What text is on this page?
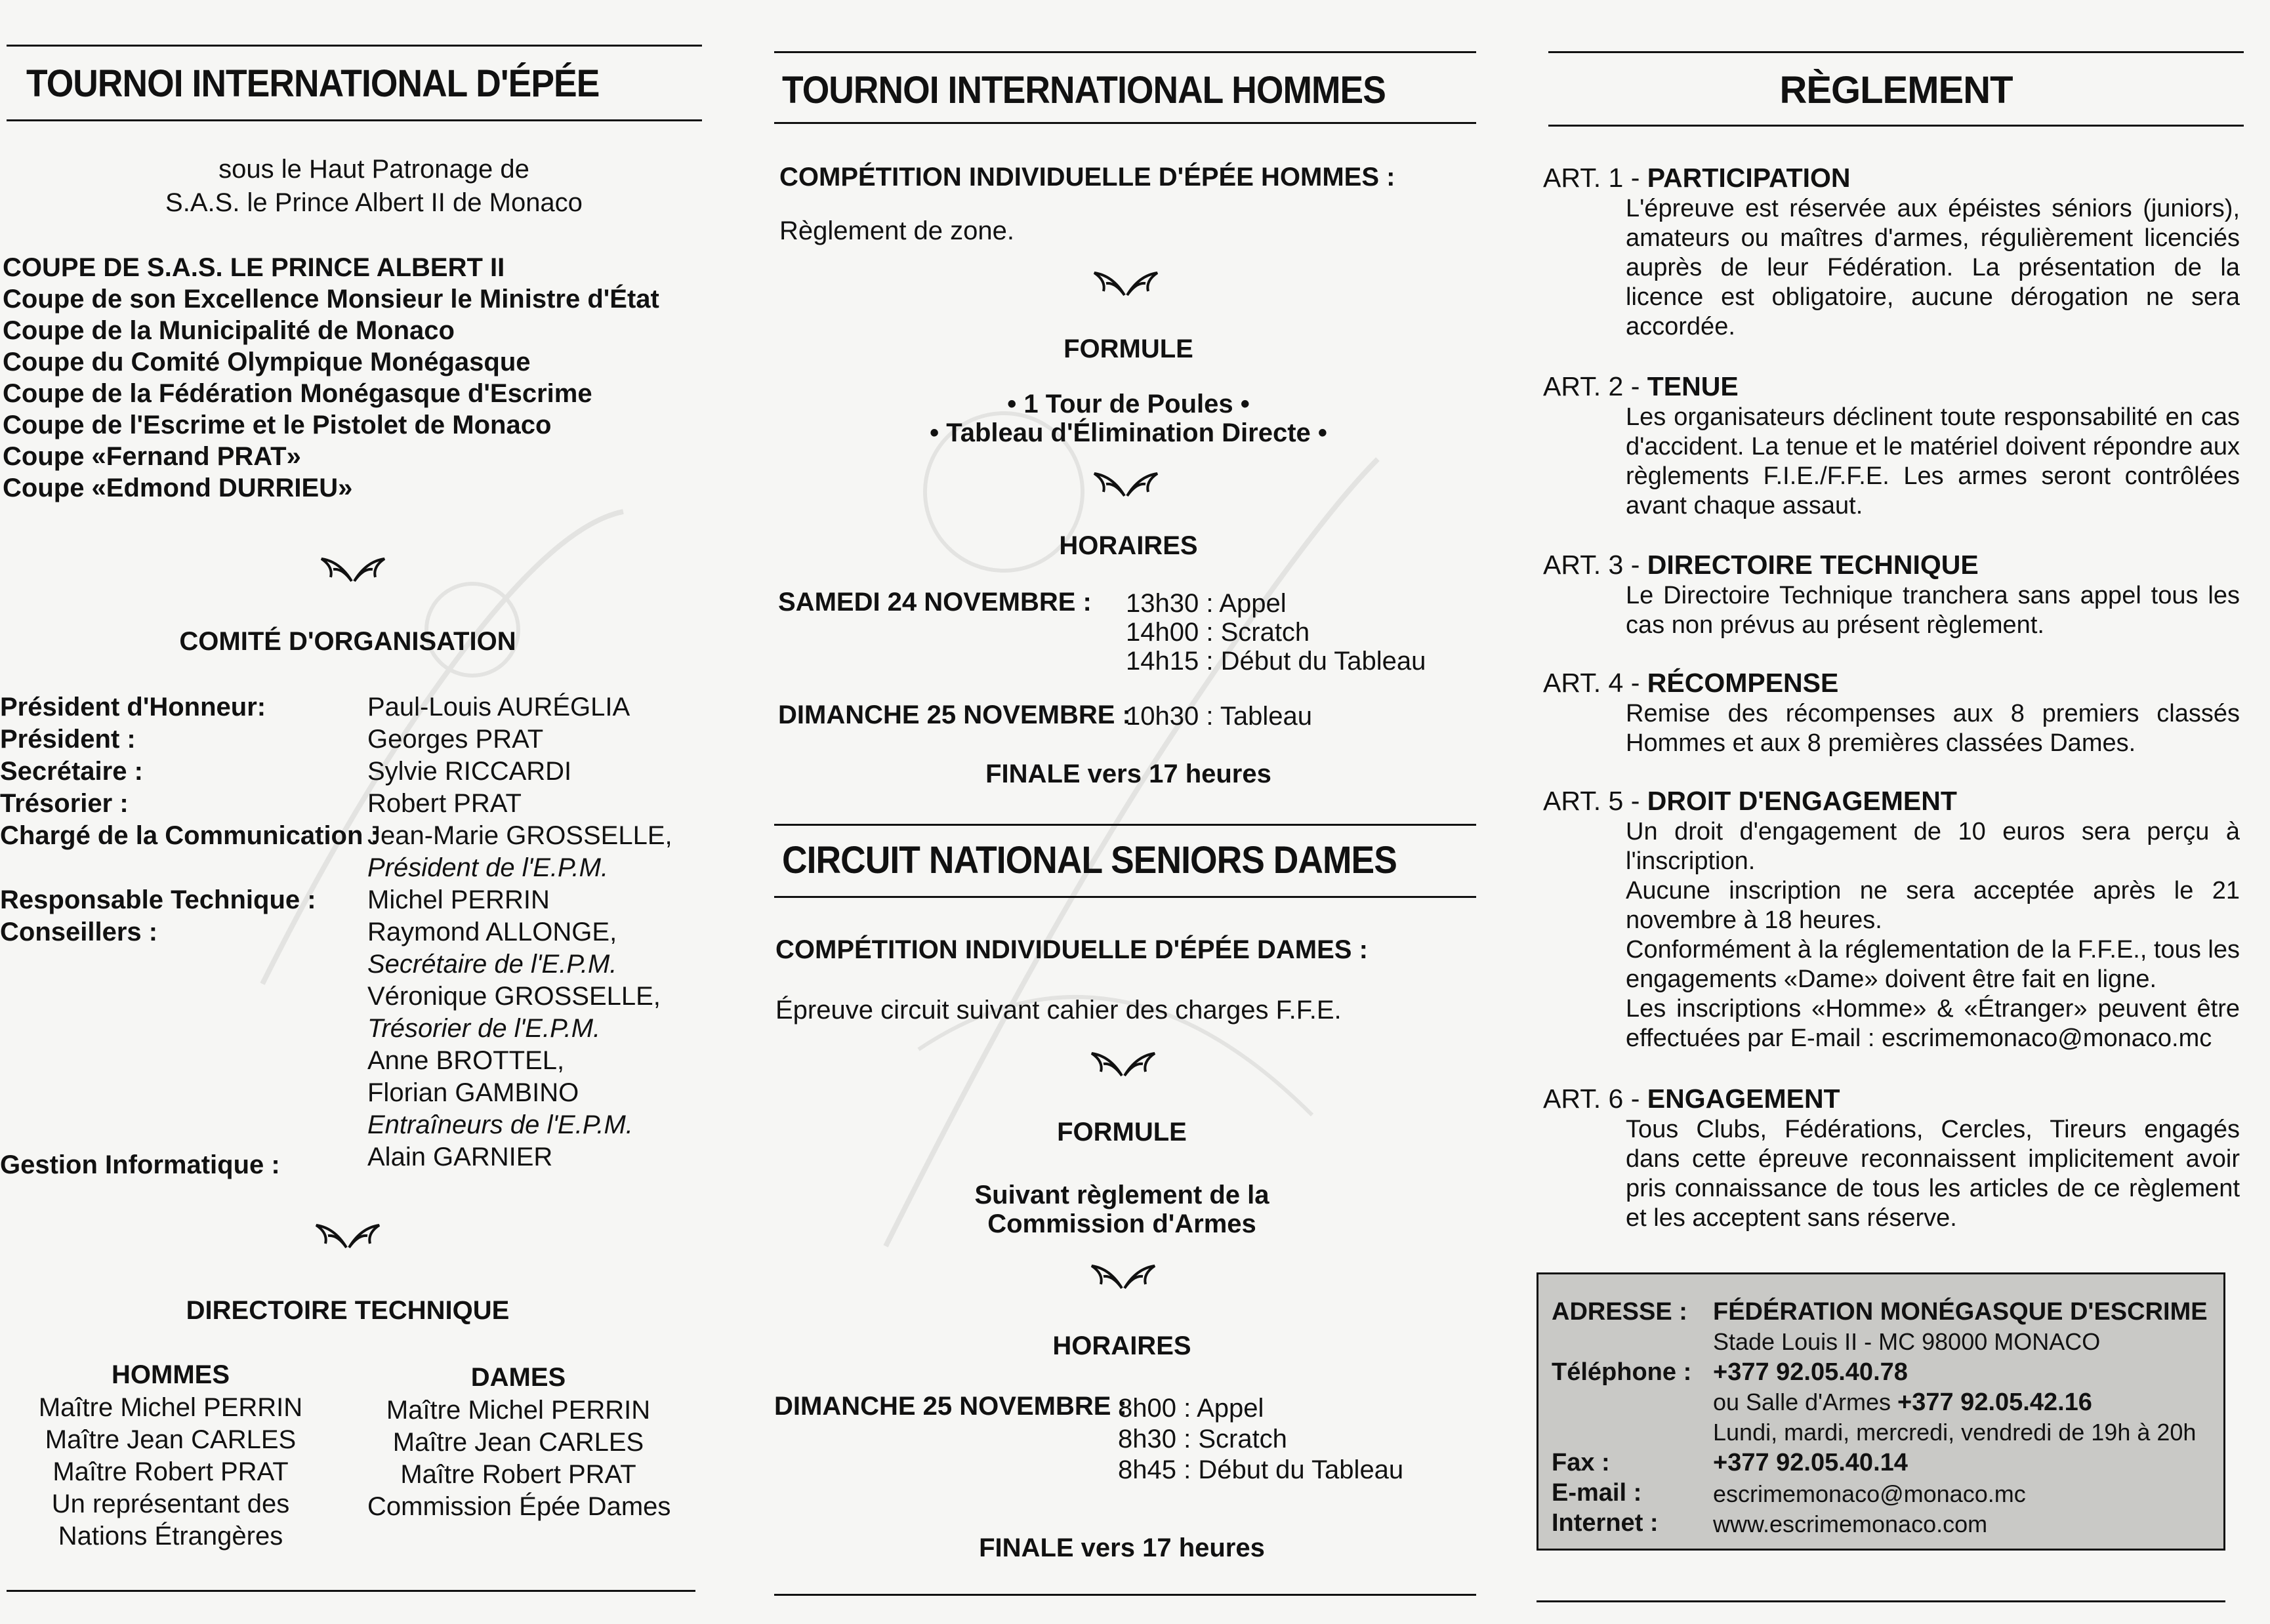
TOURNOI INTERNATIONAL D'ÉPÉE
sous le Haut Patronage de
S.A.S. le Prince Albert II de Monaco
COUPE DE S.A.S. LE PRINCE ALBERT II
Coupe de son Excellence Monsieur le Ministre d'État
Coupe de la Municipalité de Monaco
Coupe du Comité Olympique Monégasque
Coupe de la Fédération Monégasque d'Escrime
Coupe de l'Escrime et le Pistolet de Monaco
Coupe «Fernand PRAT»
Coupe «Edmond DURRIEU»
COMITÉ D'ORGANISATION
Président d'Honneur:
Président :
Secrétaire :
Trésorier :
Chargé de la Communication :
Responsable Technique :
Conseillers :
Gestion Informatique :
Paul-Louis AURÉGLIA
Georges PRAT
Sylvie RICCARDI
Robert PRAT
Jean-Marie GROSSELLE,
Président de l'E.P.M.
Michel PERRIN
Raymond ALLONGE,
Secrétaire de l'E.P.M.
Véronique GROSSELLE,
Trésorier de l'E.P.M.
Anne BROTTEL,
Florian GAMBINO
Entraîneurs de l'E.P.M.
Alain GARNIER
DIRECTOIRE TECHNIQUE
HOMMES
Maître Michel PERRIN
Maître Jean CARLES
Maître Robert PRAT
Un représentant des
Nations Étrangères
DAMES
Maître Michel PERRIN
Maître Jean CARLES
Maître Robert PRAT
Commission Épée Dames
TOURNOI INTERNATIONAL HOMMES
COMPÉTITION INDIVIDUELLE D'ÉPÉE HOMMES :
Règlement de zone.
FORMULE
• 1 Tour de Poules •
• Tableau d'Élimination Directe •
HORAIRES
SAMEDI 24 NOVEMBRE : 13h30 : Appel
14h00 : Scratch
14h15 : Début du Tableau
DIMANCHE 25 NOVEMBRE :
10h30 : Tableau
FINALE vers 17 heures
CIRCUIT NATIONAL SENIORS DAMES
COMPÉTITION INDIVIDUELLE D'ÉPÉE DAMES :
Épreuve circuit suivant cahier des charges F.F.E.
FORMULE
Suivant règlement de la
Commission d'Armes
HORAIRES
DIMANCHE 25 NOVEMBRE :
8h00 : Appel
8h30 : Scratch
8h45 : Début du Tableau
FINALE vers 17 heures
RÈGLEMENT
ART. 1 - PARTICIPATION
L'épreuve est réservée aux épéistes séniors (juniors), amateurs ou maîtres d'armes, régulièrement licenciés auprès de leur Fédération. La présentation de la licence est obligatoire, aucune dérogation ne sera accordée.
ART. 2 - TENUE
Les organisateurs déclinent toute responsabilité en cas d'accident. La tenue et le matériel doivent répondre aux règlements F.I.E./F.F.E. Les armes seront contrôlées avant chaque assaut.
ART. 3 - DIRECTOIRE TECHNIQUE
Le Directoire Technique tranchera sans appel tous les cas non prévus au présent règlement.
ART. 4 - RÉCOMPENSE
Remise des récompenses aux 8 premiers classés Hommes et aux 8 premières classées Dames.
ART. 5 - DROIT D'ENGAGEMENT
Un droit d'engagement de 10 euros sera perçu à l'inscription.
Aucune inscription ne sera acceptée après le 21 novembre à 18 heures.
Conformément à la réglementation de la F.F.E., tous les engagements «Dame» doivent être fait en ligne.
Les inscriptions «Homme» & «Étranger» peuvent être effectuées par E-mail : escrimemonaco@monaco.mc
ART. 6 - ENGAGEMENT
Tous Clubs, Fédérations, Cercles, Tireurs engagés dans cette épreuve reconnaissent implicitement avoir pris connaissance de tous les articles de ce règlement et les acceptent sans réserve.
ADRESSE : FÉDÉRATION MONÉGASQUE D'ESCRIME
Stade Louis II - MC 98000 MONACO
Téléphone : +377 92.05.40.78
ou Salle d'Armes +377 92.05.42.16
Lundi, mardi, mercredi, vendredi de 19h à 20h
Fax :	+377 92.05.40.14
E-mail :	escrimemonaco@monaco.mc
Internet : www.escrimemonaco.com
